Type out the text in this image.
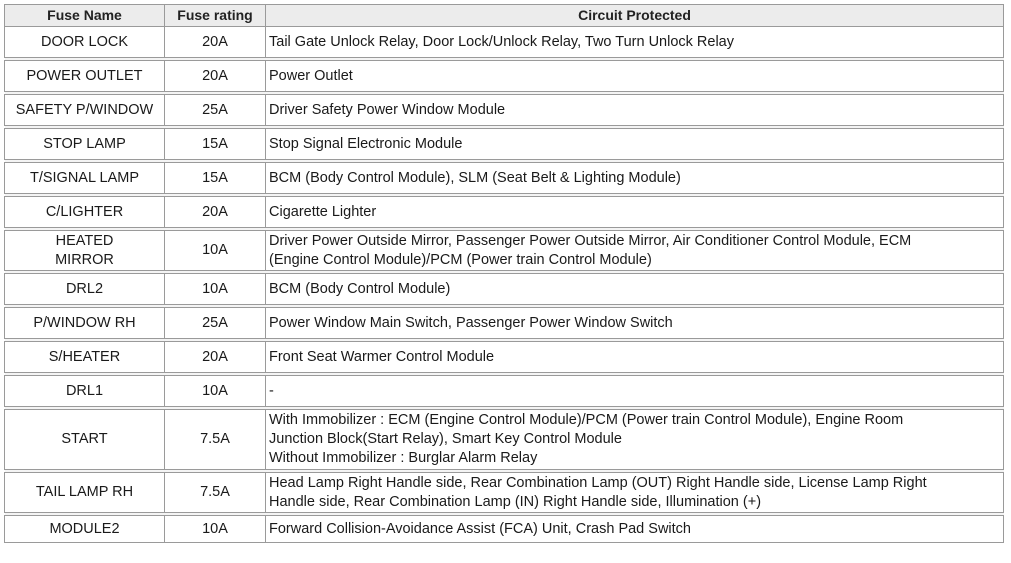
Fuse Name	Fuse rating	Circuit Protected
DOOR LOCK	20A	Tail Gate Unlock Relay, Door Lock/Unlock Relay, Two Turn Unlock Relay

POWER OUTLET	20A	Power Outlet

SAFETY P/WINDOW	25A	Driver Safety Power Window Module

STOP LAMP	15A	Stop Signal Electronic Module

T/SIGNAL LAMP	15A	BCM (Body Control Module), SLM (Seat Belt & Lighting Module)

C/LIGHTER	20A	Cigarette Lighter

HEATED
MIRROR	10A	Driver Power Outside Mirror, Passenger Power Outside Mirror, Air Conditioner Control Module, ECM
(Engine Control Module)/PCM (Power train Control Module)

DRL2	10A	BCM (Body Control Module)

P/WINDOW RH	25A	Power Window Main Switch, Passenger Power Window Switch

S/HEATER	20A	Front Seat Warmer Control Module

DRL1	10A	-

START	7.5A	With Immobilizer : ECM (Engine Control Module)/PCM (Power train Control Module), Engine Room
Junction Block(Start Relay), Smart Key Control Module
Without Immobilizer : Burglar Alarm Relay

TAIL LAMP RH	7.5A	Head Lamp Right Handle side, Rear Combination Lamp (OUT) Right Handle side, License Lamp Right
Handle side, Rear Combination Lamp (IN) Right Handle side, Illumination (+)

MODULE2	10A	Forward Collision-Avoidance Assist (FCA) Unit, Crash Pad Switch
